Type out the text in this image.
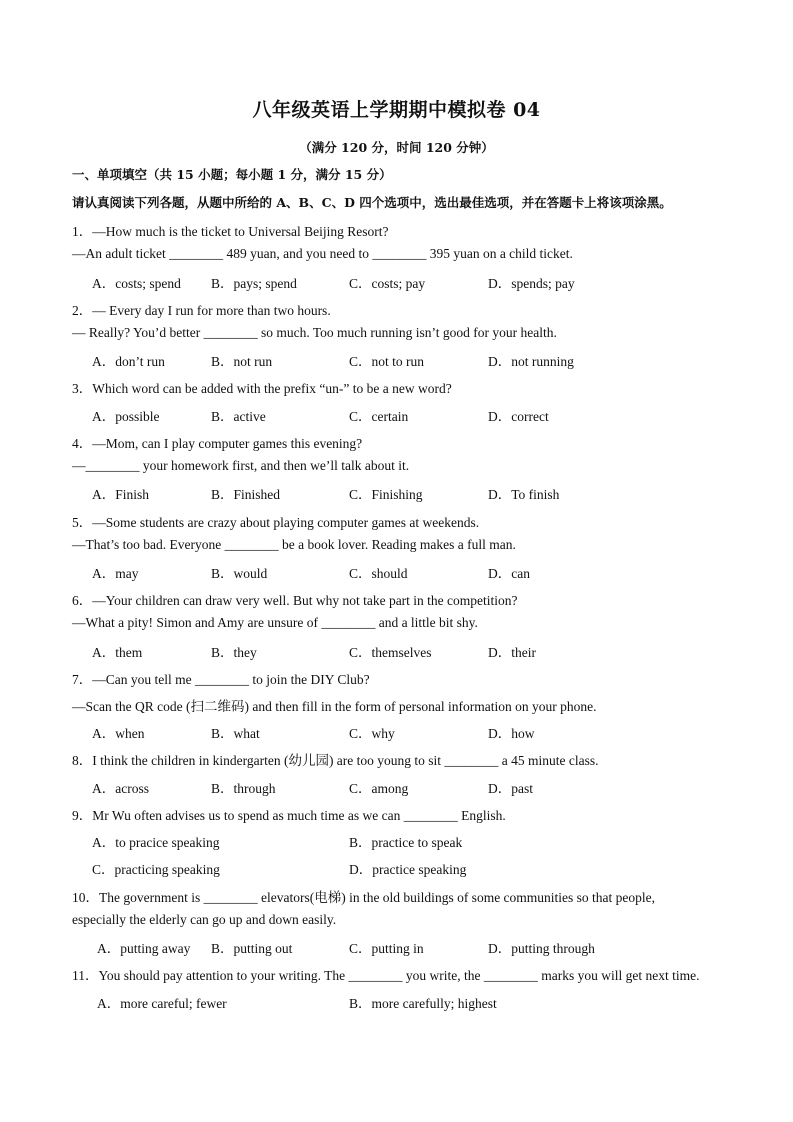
八年级英语上学期期中模拟卷 04
（满分 120 分，时间 120 分钟）
一、单项填空（共 15 小题；每小题 1 分，满分 15 分）
请认真阅读下列各题，从题中所给的 A、B、C、D 四个选项中，选出最佳选项，并在答题卡上将该项涂黑。
1．—How much is the ticket to Universal Beijing Resort?
—An adult ticket ________ 489 yuan, and you need to ________ 395 yuan on a child ticket.
A．costs; spend B．pays; spend	C．costs; pay	D．spends; pay
2．— Every day I run for more than two hours.
— Really? You’d better ________ so much. Too much running isn’t good for your health.
A．don’t run	B．not run	C．not to run	D．not running
3．Which word can be added with the prefix “un-” to be a new word?
A．possible	B．active	C．certain	D．correct
4．—Mom, can I play computer games this evening?
—________ your homework first, and then we’ll talk about it.
A．Finish	B．Finished	C．Finishing	D．To finish
5．—Some students are crazy about playing computer games at weekends.
—That’s too bad. Everyone ________ be a book lover. Reading makes a full man.
A．may	B．would	C．should	D．can
6．—Your children can draw very well. But why not take part in the competition?
—What a pity! Simon and Amy are unsure of ________ and a little bit shy.
A．them	B．they	C．themselves	D．their
7．—Can you tell me ________ to join the DIY Club?
—Scan the QR code (扫二维码) and then fill in the form of personal information on your phone.
A．when	B．what	C．why	D．how
8．I think the children in kindergarten (幼儿园) are too young to sit ________ a 45 minute class.
A．across	B．through	C．among	D．past
9．Mr Wu often advises us to spend as much time as we can ________ English.
A．to pracice speaking	B．practice to speak
C．practicing speaking	D．practice speaking
10．The government is ________ elevators(电梯) in the old buildings of some communities so that people,
especially the elderly can go up and down easily.
A．putting away B．putting out	C．putting in	D．putting through
11．You should pay attention to your writing. The ________ you write, the ________ marks you will get next time.
A．more careful; fewer	B．more carefully; highest
